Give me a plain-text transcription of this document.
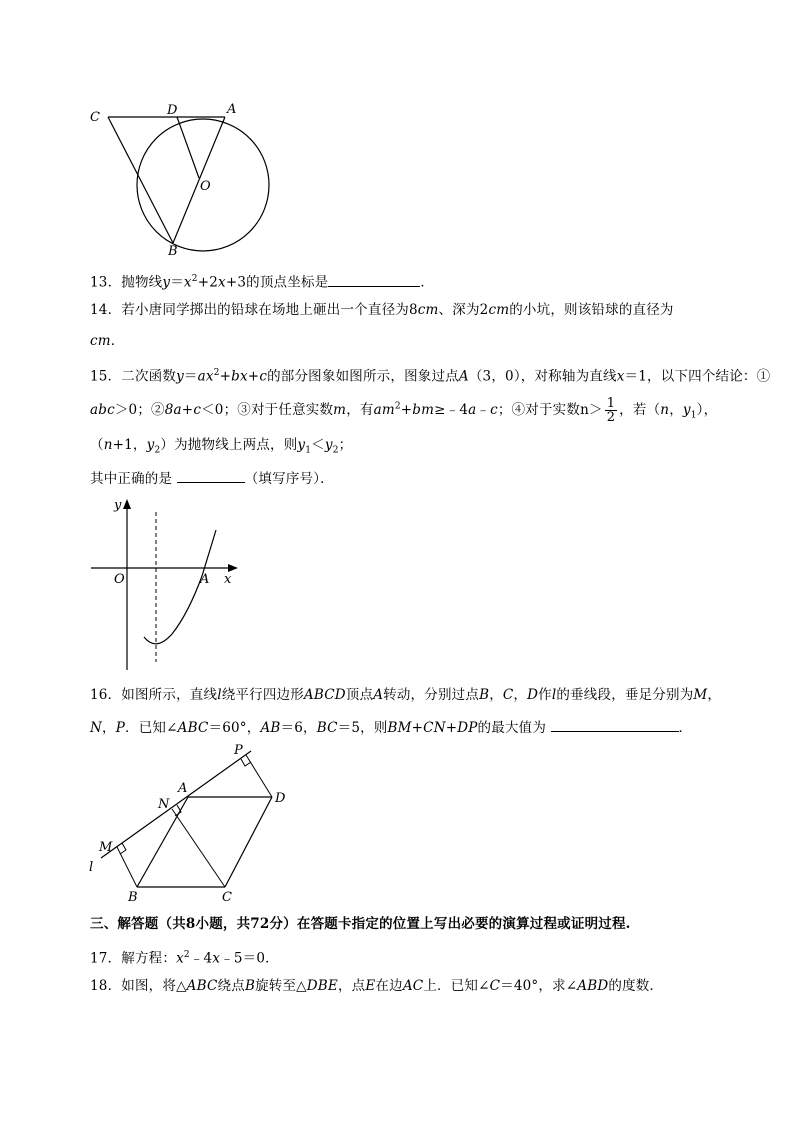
C	D	A
O
B
13．抛物线$y=x^2+2x+3$的顶点坐标是	．
14．若小唐同学掷出的铅球在场地上砸出一个直径为8cm、深为2cm的小坑，则该铅球的直径为
cm．
15．二次函数$y=ax^2+bx+c$的部分图象如图所示，图象过点A（3，0），对称轴为直线x＝1，以下四个结论：①
abc＞0；②8a+c＜0；③对于任意实数m，有$am^2+bm\ge﹣4a﹣c$；④对于实数$n> \frac{1}{2}$ ，若（n，$y_1$），
（n+1，$y_2$）为抛物线上两点，则$y_1<y_2$；
其中正确的是	（填写序号）．
y
O	A x
16．如图所示，直线l绕平行四边形ABCD顶点A转动，分别过点B，C，D作l的垂线段，垂足分别为M，
N，P．已知∠ABC＝60°，AB＝6，BC＝5，则BM+CN+DP的最大值为	．
P
A
D
N
M
l
B	C
三、解答题（共8小题，共72分）在答题卡指定的位置上写出必要的演算过程或证明过程.
17．解方程：$x^2﹣4x﹣5=0$．
18．如图，将△ABC绕点B旋转至△DBE，点E在边AC上．已知∠C＝40°，求∠ABD的度数．
